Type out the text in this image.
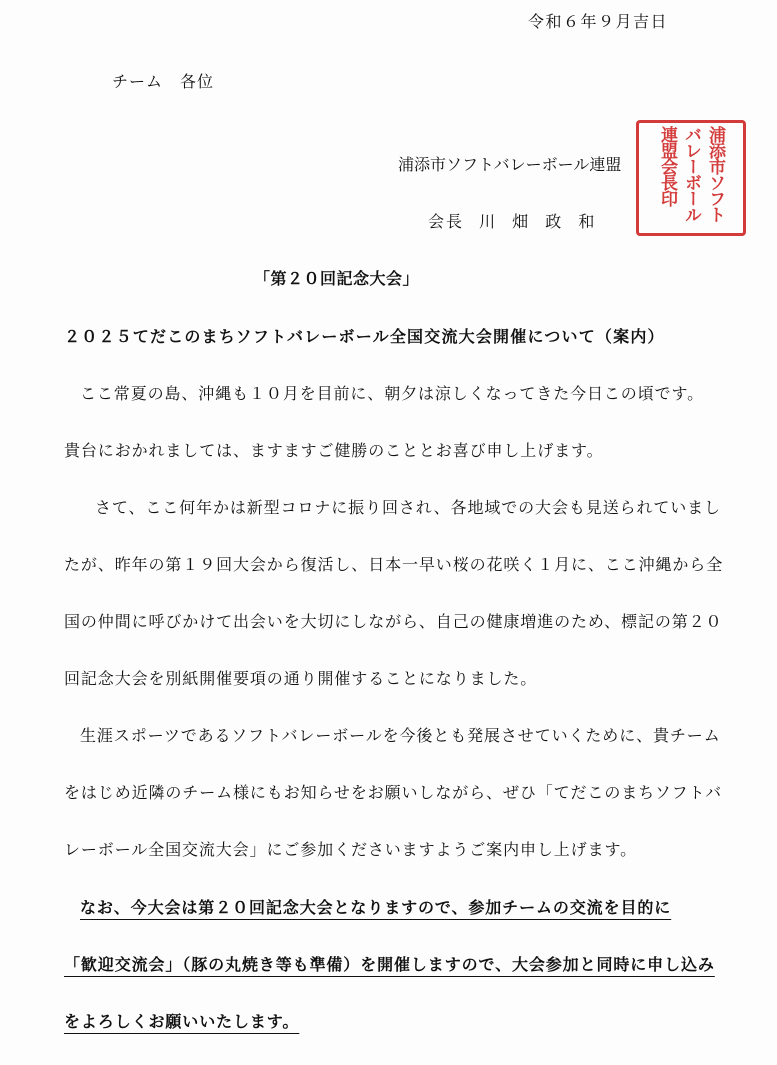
令和６年９月吉日
チーム　各位
浦添市ソフトバレーボール連盟
会長 川 畑 政 和	浦添市ソフト
バレーボール
連盟会長印
「第２０回記念大会」
２０２５てだこのまちソフトバレーボール全国交流大会開催について（案内）
ここ常夏の島、沖縄も１０月を目前に、朝夕は涼しくなってきた今日この頃です。
貴台におかれましては、ますますご健勝のこととお喜び申し上げます。
さて、ここ何年かは新型コロナに振り回され、各地域での大会も見送られていまし
たが、昨年の第１９回大会から復活し、日本一早い桜の花咲く１月に、ここ沖縄から全
国の仲間に呼びかけて出会いを大切にしながら、自己の健康増進のため、標記の第２０
回記念大会を別紙開催要項の通り開催することになりました。
生涯スポーツであるソフトバレーボールを今後とも発展させていくために、貴チーム
をはじめ近隣のチーム様にもお知らせをお願いしながら、ぜひ「てだこのまちソフトバ
レーボール全国交流大会」にご参加くださいますようご案内申し上げます。
なお、今大会は第２０回記念大会となりますので、参加チームの交流を目的に
「歓迎交流会」（豚の丸焼き等も準備）を開催しますので、大会参加と同時に申し込み
をよろしくお願いいたします。
